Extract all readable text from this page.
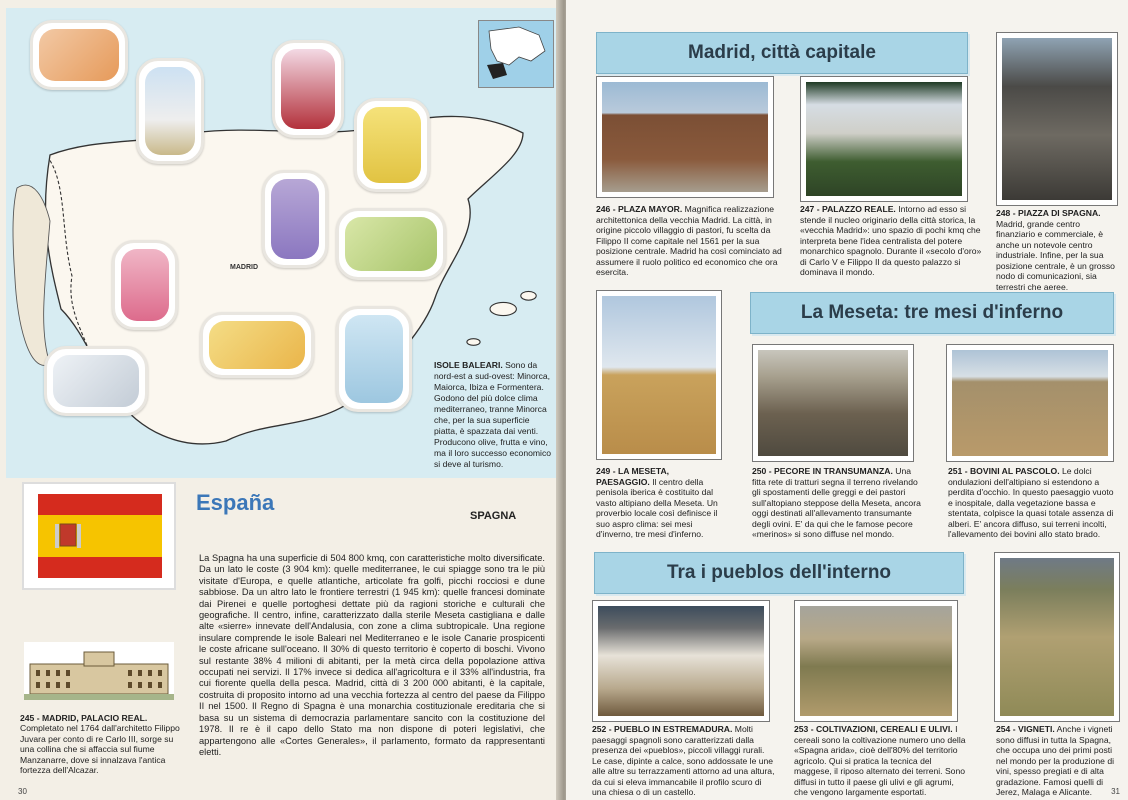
MADRID
ISOLE BALEARI. Sono da nord-est a sud-ovest: Minorca, Maiorca, Ibiza e Formentera. Godono del più dolce clima mediterraneo, tranne Minorca che, per la sua superficie piatta, è spazzata dai venti. Producono olive, frutta e vino, ma il loro successo economico si deve al turismo.
España
SPAGNA
La Spagna ha una superficie di 504 800 kmq, con caratteristiche molto diversificate. Da un lato le coste (3 904 km): quelle mediterranee, le cui spiagge sono tra le più visitate d'Europa, e quelle atlantiche, articolate fra golfi, picchi rocciosi e dune sabbiose. Da un altro lato le frontiere terrestri (1 945 km): quelle francesi dominate dai Pirenei e quelle portoghesi dettate più da ragioni storiche e culturali che geografiche. Il centro, infine, caratterizzato dalla sterile Meseta castigliana e dalle alte «sierre» innevate dell'Andalusia, con zone a clima subtropicale. Una regione insulare comprende le isole Baleari nel Mediterraneo e le isole Canarie prospicenti le coste africane sull'oceano. Il 30% di questo territorio è coperto di boschi. Vivono sul restante 38% 4 milioni di abitanti, per la metà circa della popolazione attiva occupati nei servizi. Il 17% invece si dedica all'agricoltura e il 33% all'industria, fra cui fiorente quella della pesca. Madrid, città di 3 200 000 abitanti, è la capitale, costruita di proposito intorno ad una vecchia fortezza al centro del paese da Filippo II nel 1500. Il Regno di Spagna è una monarchia costituzionale ereditaria che si basa su un sistema di democrazia parlamentare sancito con la costituzione del 1978. Il re è il capo dello Stato ma non dispone di poteri legislativi, che appartengono alle «Cortes Generales», il parlamento, formato da rappresentanti eletti.
245 - MADRID, PALACIO REAL. Completato nel 1764 dall'architetto Filippo Juvara per conto di re Carlo III, sorge su una collina che si affaccia sul fiume Manzanarre, dove si innalzava l'antica fortezza dell'Alcazar.
30
Madrid, città capitale
La Meseta: tre mesi d'inferno
Tra i pueblos dell'interno
246 - PLAZA MAYOR. Magnifica realizzazione architettonica della vecchia Madrid. La città, in origine piccolo villaggio di pastori, fu scelta da Filippo II come capitale nel 1561 per la sua posizione centrale. Madrid ha così cominciato ad assumere il ruolo politico ed economico che ora esercita.
247 - PALAZZO REALE. Intorno ad esso si stende il nucleo originario della città storica, la «vecchia Madrid»: uno spazio di pochi kmq che interpreta bene l'idea centralista del potere monarchico spagnolo. Durante il «secolo d'oro» di Carlo V e Filippo II da questo palazzo si dominava il mondo.
248 - PIAZZA DI SPAGNA. Madrid, grande centro finanziario e commerciale, è anche un notevole centro industriale. Infine, per la sua posizione centrale, è un grosso nodo di comunicazioni, sia terrestri che aeree.
249 - LA MESETA, PAESAGGIO. Il centro della penisola iberica è costituito dal vasto altipiano della Meseta. Un proverbio locale così definisce il suo aspro clima: sei mesi d'inverno, tre mesi d'inferno.
250 - PECORE IN TRANSUMANZA. Una fitta rete di tratturi segna il terreno rivelando gli spostamenti delle greggi e dei pastori sull'altopiano steppose della Meseta, ancora oggi destinati all'allevamento transumante degli ovini. E' da qui che le famose pecore «merinos» si sono diffuse nel mondo.
251 - BOVINI AL PASCOLO. Le dolci ondulazioni dell'altipiano si estendono a perdita d'occhio. In questo paesaggio vuoto e inospitale, dalla vegetazione bassa e stentata, colpisce la quasi totale assenza di alberi. E' ancora diffuso, sui terreni incolti, l'allevamento dei bovini allo stato brado.
252 - PUEBLO IN ESTREMADURA. Molti paesaggi spagnoli sono caratterizzati dalla presenza dei «pueblos», piccoli villaggi rurali. Le case, dipinte a calce, sono addossate le une alle altre su terrazzamenti attorno ad una altura, da cui si eleva immancabile il profilo scuro di una chiesa o di un castello.
253 - COLTIVAZIONI, CEREALI E ULIVI. I cereali sono la coltivazione numero uno della «Spagna arida», cioè dell'80% del territorio agricolo. Qui si pratica la tecnica del maggese, il riposo alternato dei terreni. Sono diffusi in tutto il paese gli ulivi e gli agrumi, che vengono largamente esportati.
254 - VIGNETI. Anche i vigneti sono diffusi in tutta la Spagna, che occupa uno dei primi posti nel mondo per la produzione di vini, spesso pregiati e di alta gradazione. Famosi quelli di Jerez, Malaga e Alicante.	31
